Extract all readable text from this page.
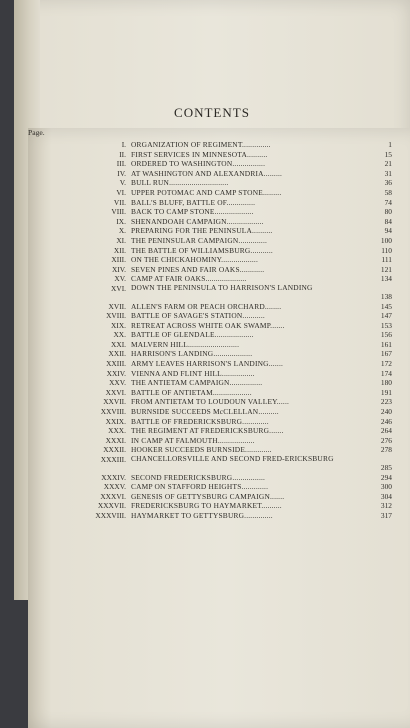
CONTENTS
Page.
I. ORGANIZATION OF REGIMENT..............	1
II. FIRST SERVICES IN MINNESOTA..........	15
III. ORDERED TO WASHINGTON................	21
IV. AT WASHINGTON AND ALEXANDRIA.........	31
V. BULL RUN.............................	36
VI. UPPER POTOMAC AND CAMP STONE.........	58
VII. BALL'S BLUFF, BATTLE OF..............	74
VIII. BACK TO CAMP STONE...................	80
IX. SHENANDOAH CAMPAIGN..................	84
X. PREPARING FOR THE PENINSULA..........	94
XI. THE PENINSULAR CAMPAIGN..............	100
XII. THE BATTLE OF WILLIAMSBURG...........	110
XIII. ON THE CHICKAHOMINY..................	111
XIV. SEVEN PINES AND FAIR OAKS............	121
XV. CAMP AT FAIR OAKS....................	134
XVI. DOWN THE PENINSULA TO HARRISON'S LANDING
138
XVII. ALLEN'S FARM OR PEACH ORCHARD........	145
XVIII. BATTLE OF SAVAGE'S STATION...........	147
XIX. RETREAT ACROSS WHITE OAK SWAMP.......	153
XX. BATTLE OF GLENDALE...................	156
XXI. MALVERN HILL.........................	161
XXII. HARRISON'S LANDING...................	167
XXIII. ARMY LEAVES HARRISON'S LANDING.......	172
XXIV. VIENNA AND FLINT HILL................	174
XXV. THE ANTIETAM CAMPAIGN................	180
XXVI. BATTLE OF ANTIETAM...................	191
XXVII. FROM ANTIETAM TO LOUDOUN VALLEY......	223
XXVIII. BURNSIDE SUCCEEDS McCLELLAN..........	240
XXIX. BATTLE OF FREDERICKSBURG.............	246
XXX. THE REGIMENT AT FREDERICKSBURG.......	264
XXXI. IN CAMP AT FALMOUTH..................	276
XXXII. HOOKER SUCCEEDS BURNSIDE.............	278
XXXIII. CHANCELLORSVILLE AND SECOND FRED-ERICKSBURG
285
XXXIV. SECOND FREDERICKSBURG................	294
XXXV. CAMP ON STAFFORD HEIGHTS.............	300
XXXVI. GENESIS OF GETTYSBURG CAMPAIGN.......	304
XXXVII. FREDERICKSBURG TO HAYMARKET..........	312
XXXVIII. HAYMARKET TO GETTYSBURG..............	317
